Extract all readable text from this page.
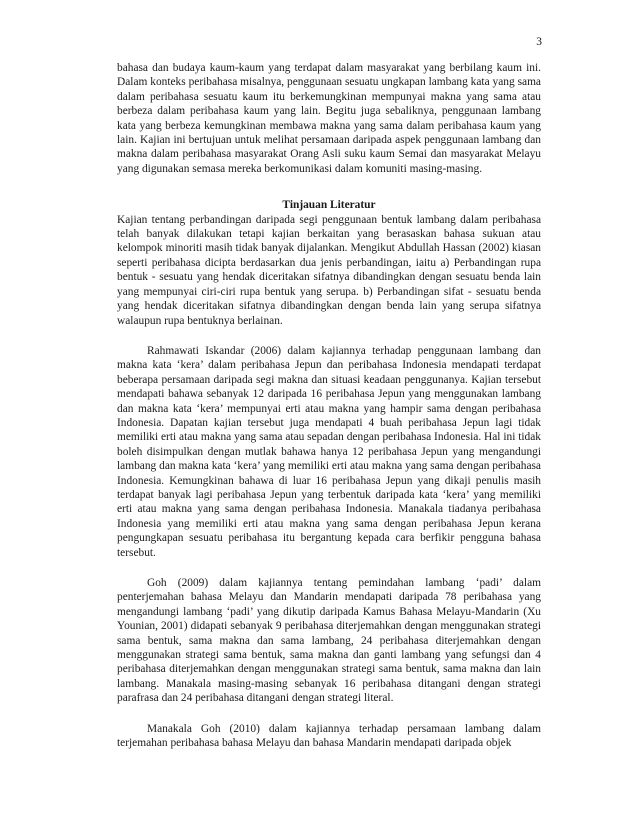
3

bahasa dan budaya kaum-kaum yang terdapat dalam masyarakat yang berbilang kaum ini. Dalam konteks peribahasa misalnya, penggunaan sesuatu ungkapan lambang kata yang sama dalam peribahasa sesuatu kaum itu berkemungkinan mempunyai makna yang sama atau berbeza dalam peribahasa kaum yang lain. Begitu juga sebaliknya, penggunaan lambang kata yang berbeza kemungkinan membawa makna yang sama dalam peribahasa kaum yang lain. Kajian ini bertujuan untuk melihat persamaan daripada aspek penggunaan lambang dan makna dalam peribahasa masyarakat Orang Asli suku kaum Semai dan masyarakat Melayu yang digunakan semasa mereka berkomunikasi dalam komuniti masing-masing.

Tinjauan Literatur

Kajian tentang perbandingan daripada segi penggunaan bentuk lambang dalam peribahasa telah banyak dilakukan tetapi kajian berkaitan yang berasaskan bahasa sukuan atau kelompok minoriti masih tidak banyak dijalankan. Mengikut Abdullah Hassan (2002) kiasan seperti peribahasa dicipta berdasarkan dua jenis perbandingan, iaitu a) Perbandingan rupa bentuk - sesuatu yang hendak diceritakan sifatnya dibandingkan dengan sesuatu benda lain yang mempunyai ciri-ciri rupa bentuk yang serupa. b) Perbandingan sifat - sesuatu benda yang hendak diceritakan sifatnya dibandingkan dengan benda lain yang serupa sifatnya walaupun rupa bentuknya berlainan.

Rahmawati Iskandar (2006) dalam kajiannya terhadap penggunaan lambang dan makna kata ‘kera’ dalam peribahasa Jepun dan peribahasa Indonesia mendapati terdapat beberapa persamaan daripada segi makna dan situasi keadaan penggunanya. Kajian tersebut mendapati bahawa sebanyak 12 daripada 16 peribahasa Jepun yang menggunakan lambang dan makna kata ‘kera’ mempunyai erti atau makna yang hampir sama dengan peribahasa Indonesia. Dapatan kajian tersebut juga mendapati 4 buah peribahasa Jepun lagi tidak memiliki erti atau makna yang sama atau sepadan dengan peribahasa Indonesia. Hal ini tidak boleh disimpulkan dengan mutlak bahawa hanya 12 peribahasa Jepun yang mengandungi lambang dan makna kata ‘kera’ yang memiliki erti atau makna yang sama dengan peribahasa Indonesia. Kemungkinan bahawa di luar 16 peribahasa Jepun yang dikaji penulis masih terdapat banyak lagi peribahasa Jepun yang terbentuk daripada kata ‘kera’ yang memiliki erti atau makna yang sama dengan peribahasa Indonesia. Manakala tiadanya peribahasa Indonesia yang memiliki erti atau makna yang sama dengan peribahasa Jepun kerana pengungkapan sesuatu peribahasa itu bergantung kepada cara berfikir pengguna bahasa tersebut.

Goh (2009) dalam kajiannya tentang pemindahan lambang ‘padi’ dalam penterjemahan bahasa Melayu dan Mandarin mendapati daripada 78 peribahasa yang mengandungi lambang ‘padi’ yang dikutip daripada Kamus Bahasa Melayu-Mandarin (Xu Younian, 2001) didapati sebanyak 9 peribahasa diterjemahkan dengan menggunakan strategi sama bentuk, sama makna dan sama lambang, 24 peribahasa diterjemahkan dengan menggunakan strategi sama bentuk, sama makna dan ganti lambang yang sefungsi dan 4 peribahasa diterjemahkan dengan menggunakan strategi sama bentuk, sama makna dan lain lambang. Manakala masing-masing sebanyak 16 peribahasa ditangani dengan strategi parafrasa dan 24 peribahasa ditangani dengan strategi literal.

Manakala Goh (2010) dalam kajiannya terhadap persamaan lambang dalam terjemahan peribahasa bahasa Melayu dan bahasa Mandarin mendapati daripada objek
